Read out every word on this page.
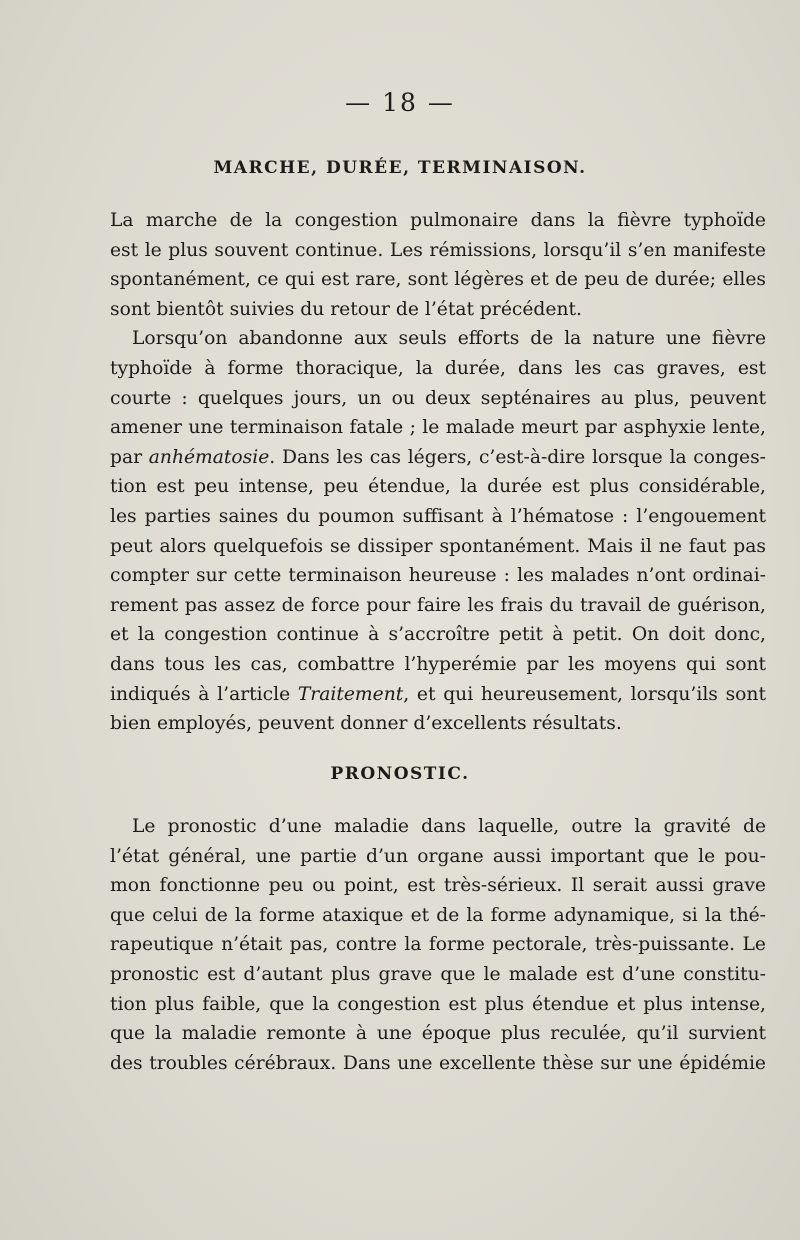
— 18 —
MARCHE, DURÉE, TERMINAISON.
La marche de la congestion pulmonaire dans la fièvre typhoïde
est le plus souvent continue. Les rémissions, lorsqu’il s’en manifeste
spontanément, ce qui est rare, sont légères et de peu de durée; elles
sont bientôt suivies du retour de l’état précédent.
Lorsqu’on abandonne aux seuls efforts de la nature une fièvre
typhoïde à forme thoracique, la durée, dans les cas graves, est
courte : quelques jours, un ou deux septénaires au plus, peuvent
amener une terminaison fatale ; le malade meurt par asphyxie lente,
par anhématosie. Dans les cas légers, c’est-à-dire lorsque la conges-
tion est peu intense, peu étendue, la durée est plus considérable,
les parties saines du poumon suffisant à l’hématose : l’engouement
peut alors quelquefois se dissiper spontanément. Mais il ne faut pas
compter sur cette terminaison heureuse : les malades n’ont ordinai-
rement pas assez de force pour faire les frais du travail de guérison,
et la congestion continue à s’accroître petit à petit. On doit donc,
dans tous les cas, combattre l’hyperémie par les moyens qui sont
indiqués à l’article Traitement, et qui heureusement, lorsqu’ils sont
bien employés, peuvent donner d’excellents résultats.
PRONOSTIC.
Le pronostic d’une maladie dans laquelle, outre la gravité de
l’état général, une partie d’un organe aussi important que le pou-
mon fonctionne peu ou point, est très-sérieux. Il serait aussi grave
que celui de la forme ataxique et de la forme adynamique, si la thé-
rapeutique n’était pas, contre la forme pectorale, très-puissante. Le
pronostic est d’autant plus grave que le malade est d’une constitu-
tion plus faible, que la congestion est plus étendue et plus intense,
que la maladie remonte à une époque plus reculée, qu’il survient
des troubles cérébraux. Dans une excellente thèse sur une épidémie
